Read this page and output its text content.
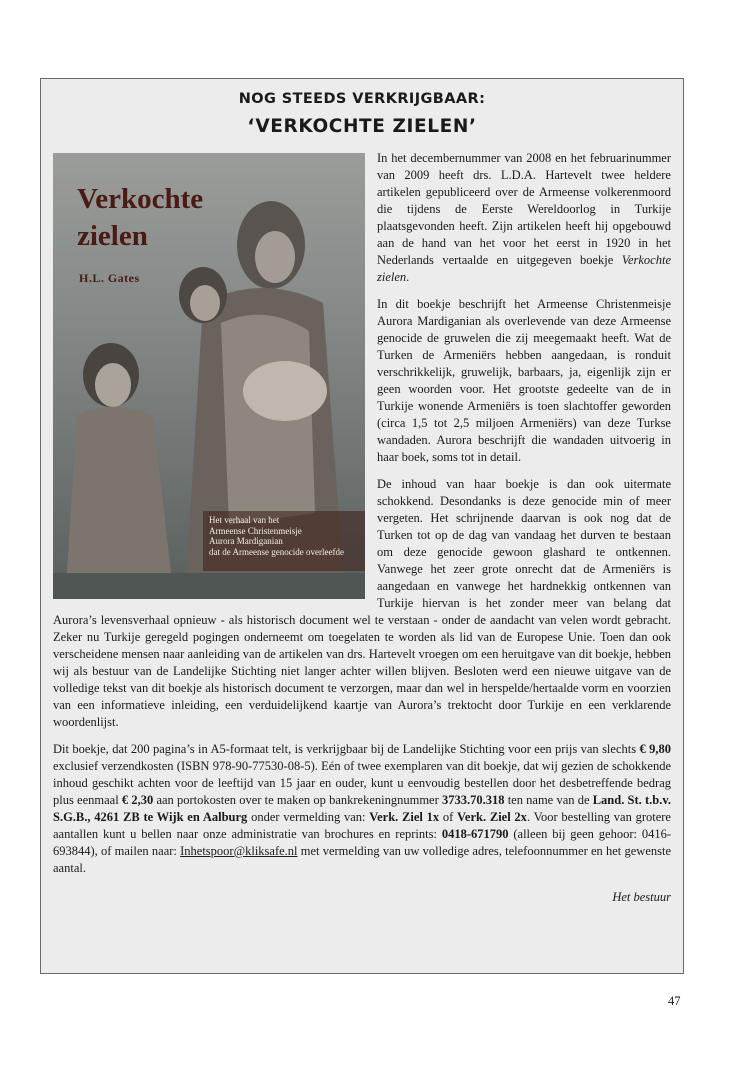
NOG STEEDS VERKRIJGBAAR:
‘VERKOCHTE ZIELEN’
Verkochte zielen
H.L. Gates
Het verhaal van het
Armeense Christenmeisje
Aurora Mardiganian
dat de Armeense genocide overleefde

In het decembernummer van 2008 en het februarinummer van 2009 heeft drs. L.D.A. Hartevelt twee heldere artikelen gepubliceerd over de Armeense volkerenmoord die tijdens de Eerste Wereldoorlog in Turkije plaatsgevonden heeft. Zijn artikelen heeft hij opgebouwd aan de hand van het voor het eerst in 1920 in het Nederlands vertaalde en uitgegeven boekje Verkochte zielen.

In dit boekje beschrijft het Armeense Christenmeisje Aurora Mardiganian als overlevende van deze Armeense genocide de gruwelen die zij meegemaakt heeft. Wat de Turken de Armeniërs hebben aangedaan, is ronduit verschrikkelijk, gruwelijk, barbaars, ja, eigenlijk zijn er geen woorden voor. Het grootste gedeelte van de in Turkije wonende Armeniërs is toen slachtoffer geworden (circa 1,5 tot 2,5 miljoen Armeniërs) van deze Turkse wandaden. Aurora beschrijft die wandaden uitvoerig in haar boek, soms tot in detail.

De inhoud van haar boekje is dan ook uitermate schokkend. Desondanks is deze genocide min of meer vergeten. Het schrijnende daarvan is ook nog dat de Turken tot op de dag van vandaag het durven te bestaan om deze genocide gewoon glashard te ontkennen. Vanwege het zeer grote onrecht dat de Armeniërs is aangedaan en vanwege het hardnekkig ontkennen van Turkije hiervan is het zonder meer van belang dat Aurora’s levensverhaal opnieuw - als historisch document wel te verstaan - onder de aandacht van velen wordt gebracht. Zeker nu Turkije geregeld pogingen onderneemt om toegelaten te worden als lid van de Europese Unie. Toen dan ook verscheidene mensen naar aanleiding van de artikelen van drs. Hartevelt vroegen om een heruitgave van dit boekje, hebben wij als bestuur van de Landelijke Stichting niet langer achter willen blijven. Besloten werd een nieuwe uitgave van de volledige tekst van dit boekje als historisch document te verzorgen, maar dan wel in herspelde/hertaalde vorm en voorzien van een informatieve inleiding, een verduidelijkend kaartje van Aurora’s trektocht door Turkije en een verklarende woordenlijst.

Dit boekje, dat 200 pagina’s in A5-formaat telt, is verkrijgbaar bij de Landelijke Stichting voor een prijs van slechts € 9,80 exclusief verzendkosten (ISBN 978-90-77530-08-5). Eén of twee exemplaren van dit boekje, dat wij gezien de schokkende inhoud geschikt achten voor de leeftijd van 15 jaar en ouder, kunt u eenvoudig bestellen door het desbetreffende bedrag plus eenmaal € 2,30 aan portokosten over te maken op bankrekeningnummer 3733.70.318 ten name van de Land. St. t.b.v. S.G.B., 4261 ZB te Wijk en Aalburg onder vermelding van: Verk. Ziel 1x of Verk. Ziel 2x. Voor bestelling van grotere aantallen kunt u bellen naar onze administratie van brochures en reprints: 0418-671790 (alleen bij geen gehoor: 0416-693844), of mailen naar: Inhetspoor@kliksafe.nl met vermelding van uw volledige adres, telefoonnummer en het gewenste aantal.

Het bestuur

47
